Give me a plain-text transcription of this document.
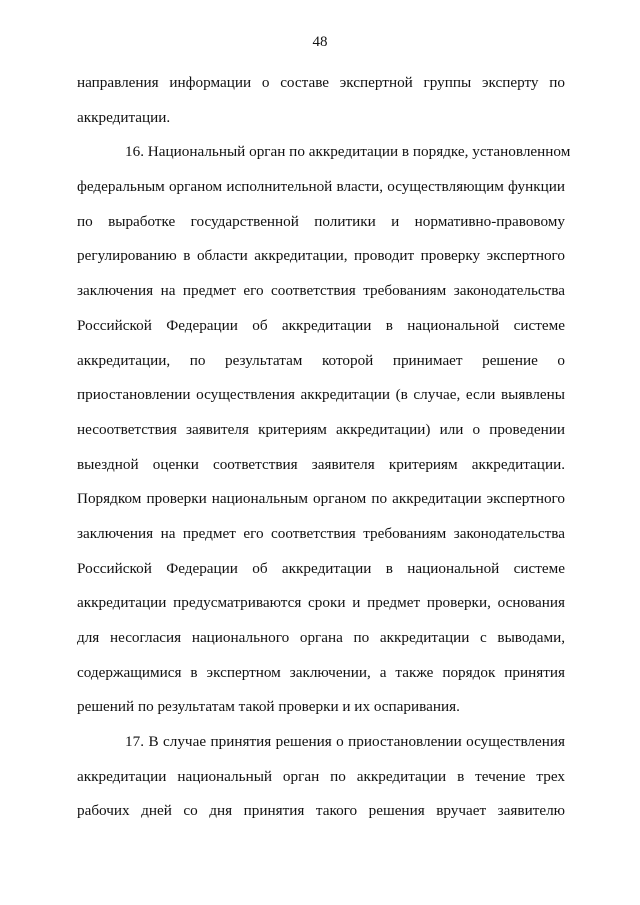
48
направления информации о составе экспертной группы эксперту по
аккредитации.
16. Национальный орган по аккредитации в порядке, установленном
федеральным органом исполнительной власти, осуществляющим функции
по выработке государственной политики и нормативно-правовому
регулированию в области аккредитации, проводит проверку экспертного
заключения на предмет его соответствия требованиям законодательства
Российской Федерации об аккредитации в национальной системе
аккредитации, по результатам которой принимает решение о
приостановлении осуществления аккредитации (в случае, если выявлены
несоответствия заявителя критериям аккредитации) или о проведении
выездной оценки соответствия заявителя критериям аккредитации.
Порядком проверки национальным органом по аккредитации экспертного
заключения на предмет его соответствия требованиям законодательства
Российской Федерации об аккредитации в национальной системе
аккредитации предусматриваются сроки и предмет проверки, основания
для несогласия национального органа по аккредитации с выводами,
содержащимися в экспертном заключении, а также порядок принятия
решений по результатам такой проверки и их оспаривания.
17. В случае принятия решения о приостановлении осуществления
аккредитации национальный орган по аккредитации в течение трех
рабочих дней со дня принятия такого решения вручает заявителю
